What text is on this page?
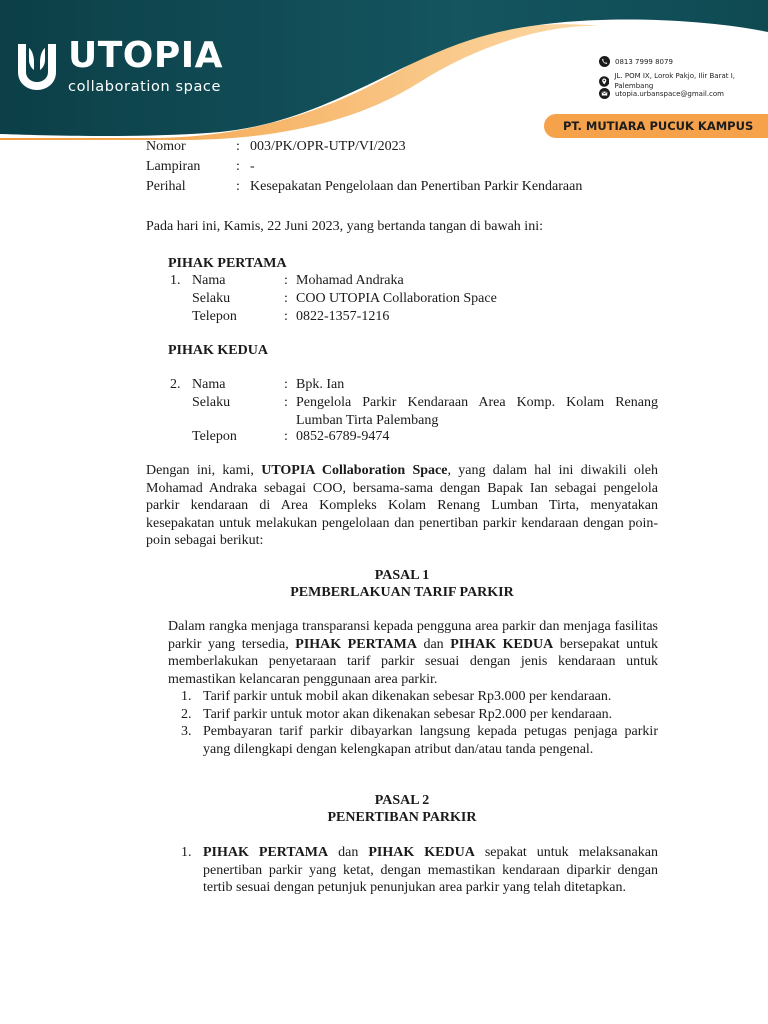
UTOPIA
collaboration space
0813 7999 8079
JL. POM IX, Lorok Pakjo, Ilir Barat I, Palembang
utopia.urbanspace@gmail.com
PT. MUTIARA PUCUK KAMPUS
Nomor	: 003/PK/OPR-UTP/VI/2023
Lampiran	: -
Perihal	: Kesepakatan Pengelolaan dan Penertiban Parkir Kendaraan
Pada hari ini, Kamis, 22 Juni 2023, yang bertanda tangan di bawah ini:
PIHAK PERTAMA
1. Nama	: Mohamad Andraka
Selaku	: COO UTOPIA Collaboration Space
Telepon	: 0822-1357-1216
PIHAK KEDUA
2. Nama	: Bpk. Ian
Selaku	: Pengelola Parkir Kendaraan Area Komp. Kolam Renang Lumban Tirta Palembang
Telepon	: 0852-6789-9474
Dengan ini, kami, UTOPIA Collaboration Space, yang dalam hal ini diwakili oleh Mohamad Andraka sebagai COO, bersama-sama dengan Bapak Ian sebagai pengelola parkir kendaraan di Area Kompleks Kolam Renang Lumban Tirta, menyatakan kesepakatan untuk melakukan pengelolaan dan penertiban parkir kendaraan dengan poin-poin sebagai berikut:
PASAL 1
PEMBERLAKUAN TARIF PARKIR
Dalam rangka menjaga transparansi kepada pengguna area parkir dan menjaga fasilitas parkir yang tersedia, PIHAK PERTAMA dan PIHAK KEDUA bersepakat untuk memberlakukan penyetaraan tarif parkir sesuai dengan jenis kendaraan untuk memastikan kelancaran penggunaan area parkir.
1. Tarif parkir untuk mobil akan dikenakan sebesar Rp3.000 per kendaraan.
2. Tarif parkir untuk motor akan dikenakan sebesar Rp2.000 per kendaraan.
3. Pembayaran tarif parkir dibayarkan langsung kepada petugas penjaga parkir yang dilengkapi dengan kelengkapan atribut dan/atau tanda pengenal.
PASAL 2
PENERTIBAN PARKIR
1. PIHAK PERTAMA dan PIHAK KEDUA sepakat untuk melaksanakan penertiban parkir yang ketat, dengan memastikan kendaraan diparkir dengan tertib sesuai dengan petunjuk penunjukan area parkir yang telah ditetapkan.
